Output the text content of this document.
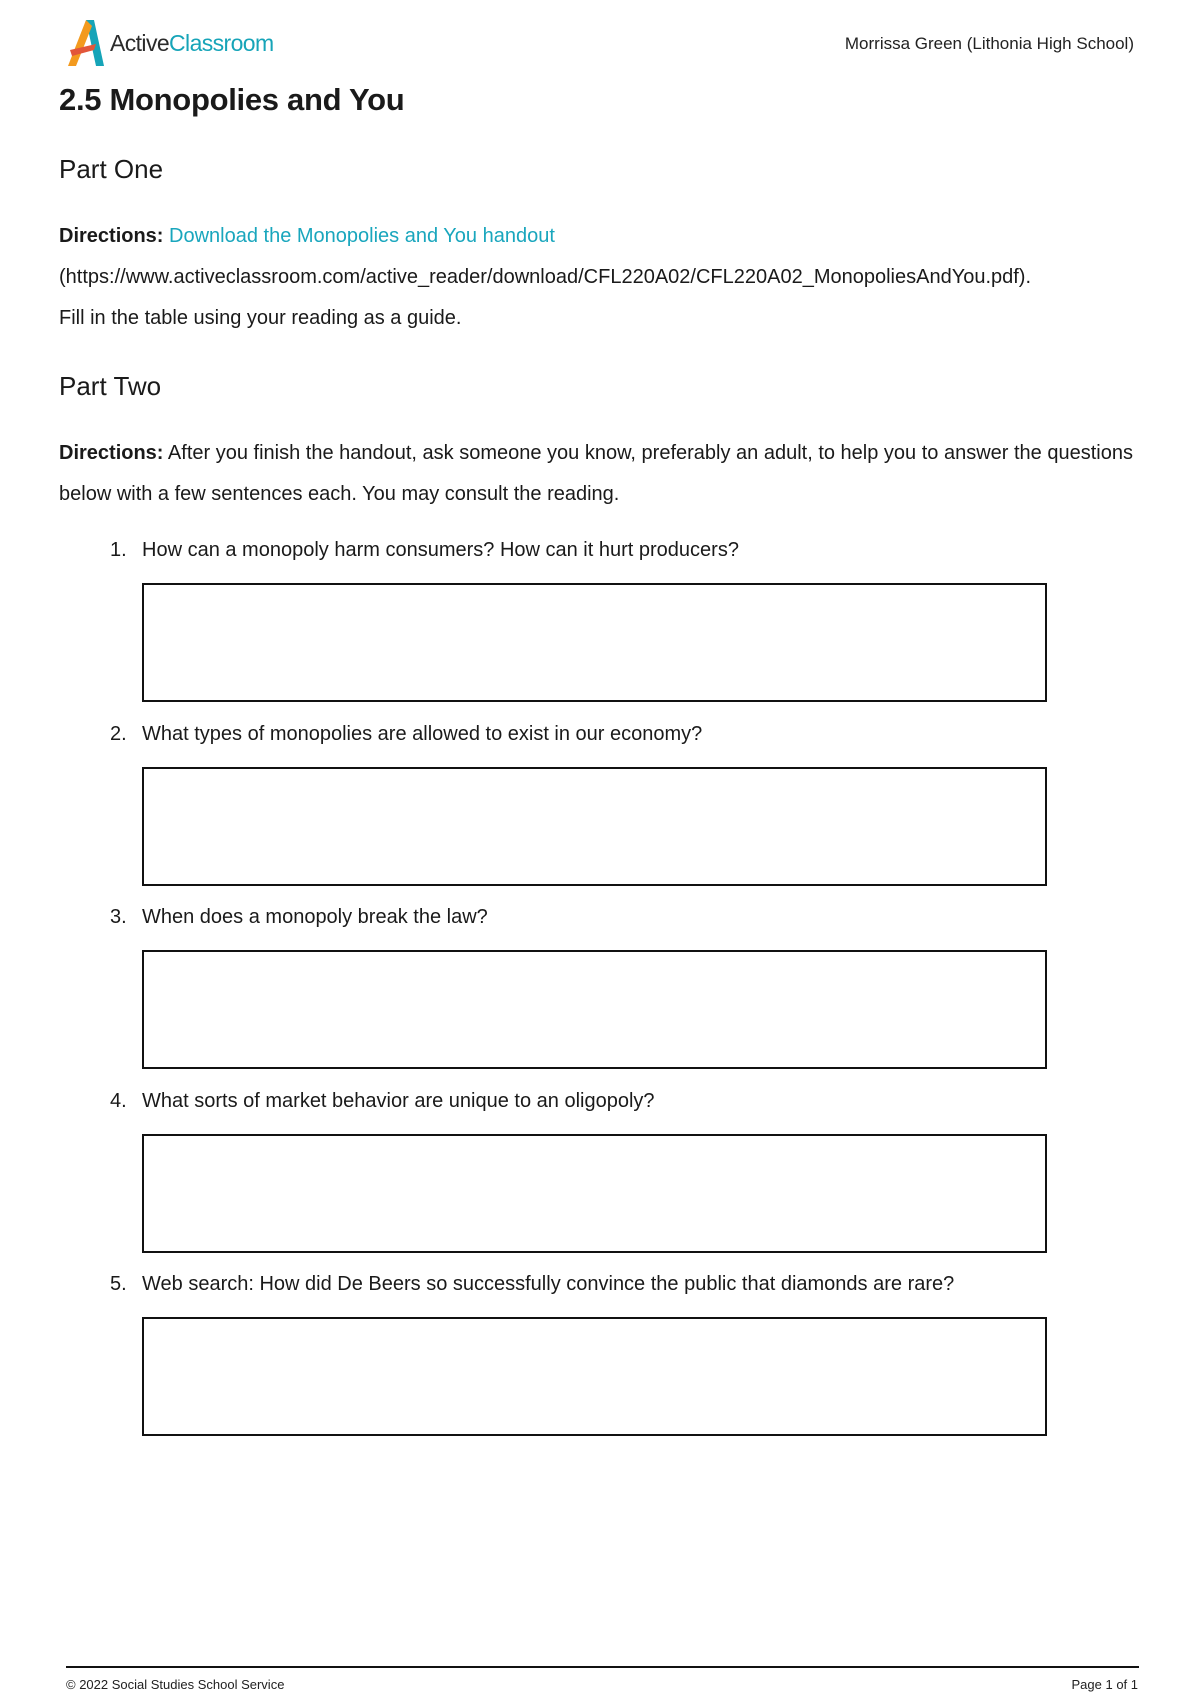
ActiveClassroom	Morrissa Green (Lithonia High School)
2.5 Monopolies and You
Part One

Directions: Download the Monopolies and You handout
(https://www.activeclassroom.com/active_reader/download/CFL220A02/CFL220A02_MonopoliesAndYou.pdf).
Fill in the table using your reading as a guide.

Part Two

Directions: After you finish the handout, ask someone you know, preferably an adult, to help you to answer the questions below with a few sentences each. You may consult the reading.

1. How can a monopoly harm consumers? How can it hurt producers?
2. What types of monopolies are allowed to exist in our economy?
3. When does a monopoly break the law?
4. What sorts of market behavior are unique to an oligopoly?
5. Web search: How did De Beers so successfully convince the public that diamonds are rare?
© 2022 Social Studies School Service	Page 1 of 1
